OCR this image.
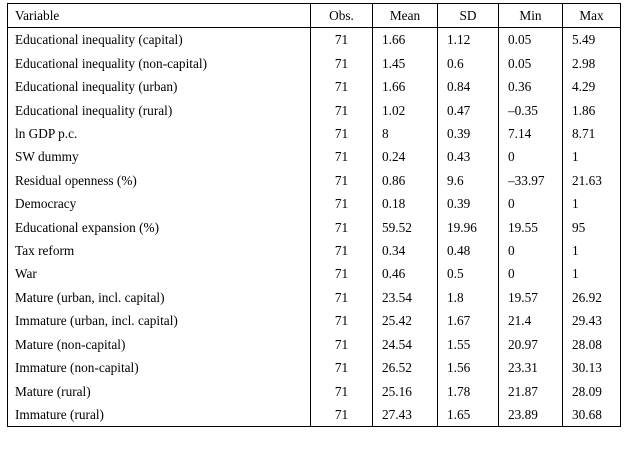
Variable	Obs.	Mean	SD	Min	Max
Educational inequality (capital)	71	1.66	1.12	0.05	5.49
Educational inequality (non-capital)	71	1.45	0.6	0.05	2.98
Educational inequality (urban)	71	1.66	0.84	0.36	4.29
Educational inequality (rural)	71	1.02	0.47	–0.35	1.86
ln GDP p.c.	71	8	0.39	7.14	8.71
SW dummy	71	0.24	0.43	0	1
Residual openness (%)	71	0.86	9.6	–33.97	21.63
Democracy	71	0.18	0.39	0	1
Educational expansion (%)	71	59.52	19.96	19.55	95
Tax reform	71	0.34	0.48	0	1
War	71	0.46	0.5	0	1
Mature (urban, incl. capital)	71	23.54	1.8	19.57	26.92
Immature (urban, incl. capital)	71	25.42	1.67	21.4	29.43
Mature (non-capital)	71	24.54	1.55	20.97	28.08
Immature (non-capital)	71	26.52	1.56	23.31	30.13
Mature (rural)	71	25.16	1.78	21.87	28.09
Immature (rural)	71	27.43	1.65	23.89	30.68
